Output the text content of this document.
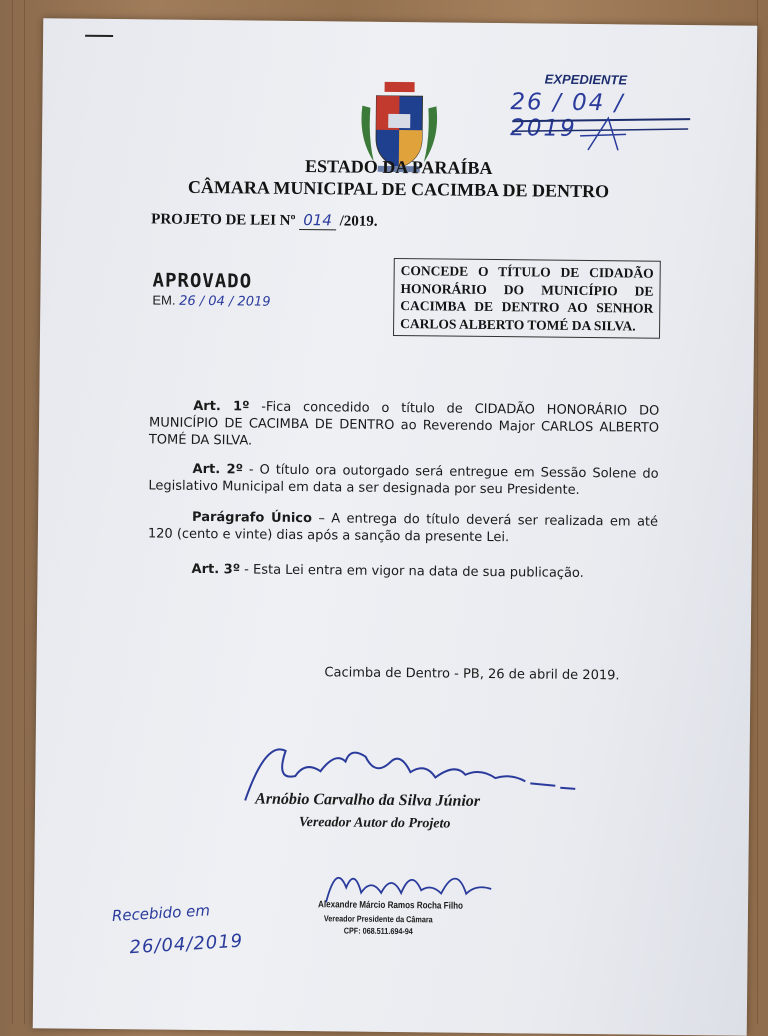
EXPEDIENTE
26 / 04 / 2019
ESTADO DA PARAÍBA
CÂMARA MUNICIPAL DE CACIMBA DE DENTRO
PROJETO DE LEI Nº 014 /2019.
APROVADO
EM. 26 / 04 / 2019
CONCEDE O TÍTULO DE CIDADÃO HONORÁRIO DO MUNICÍPIO DE CACIMBA DE DENTRO AO SENHOR CARLOS ALBERTO TOMÉ DA SILVA.
Art. 1º -Fica concedido o título de CIDADÃO HONORÁRIO DO MUNICÍPIO DE CACIMBA DE DENTRO ao Reverendo Major CARLOS ALBERTO TOMÉ DA SILVA.
Art. 2º - O título ora outorgado será entregue em Sessão Solene do Legislativo Municipal em data a ser designada por seu Presidente.
Parágrafo Único – A entrega do título deverá ser realizada em até 120 (cento e vinte) dias após a sanção da presente Lei.
Art. 3º - Esta Lei entra em vigor na data de sua publicação.
Cacimba de Dentro - PB, 26 de abril de 2019.
Arnóbio Carvalho da Silva Júnior
Vereador Autor do Projeto
Alexandre Márcio Ramos Rocha Filho
Vereador Presidente da Câmara
CPF: 068.511.694-94
Recebido em
26/04/2019
